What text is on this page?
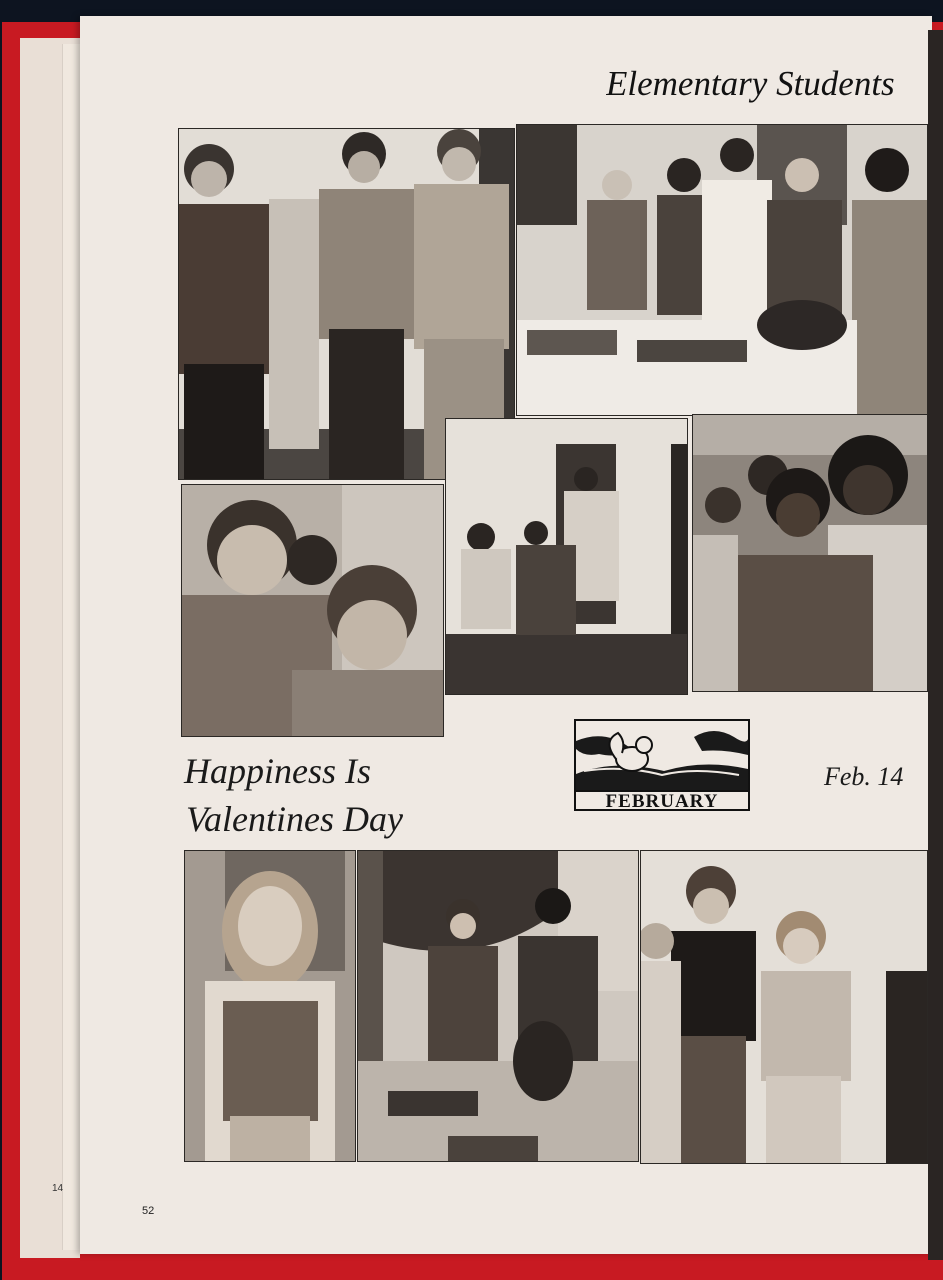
14
Elementary Students
Happiness Is
Valentines Day	FEBRUARY
Feb. 14
52
